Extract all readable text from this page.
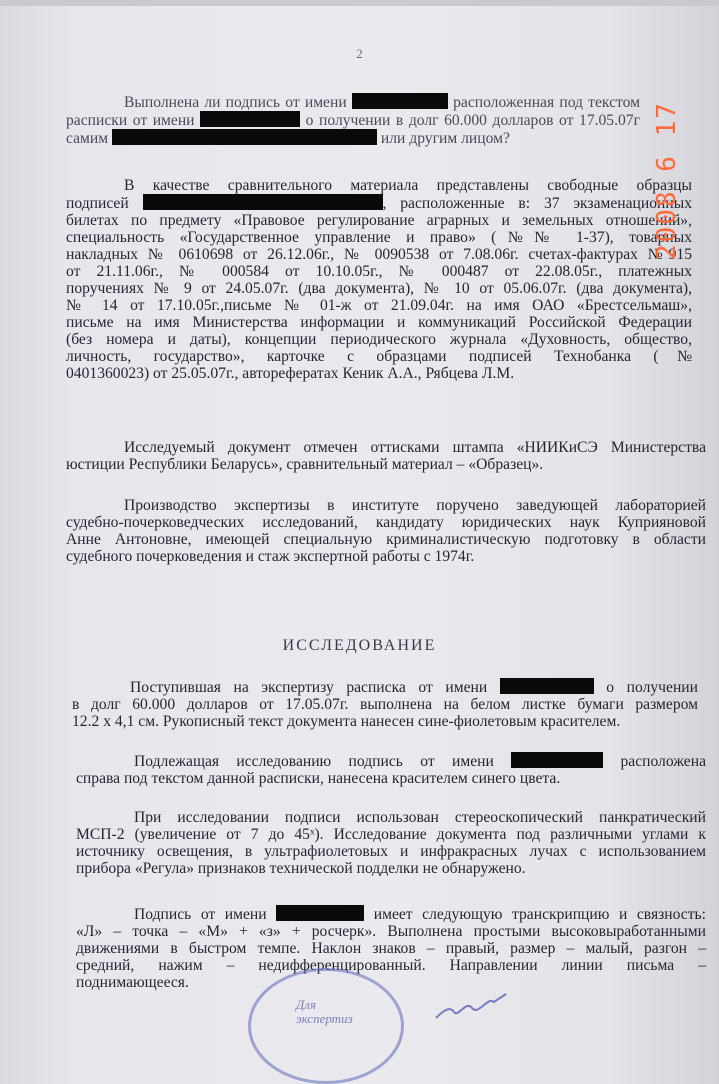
2
Выполнена ли подпись от имени	расположенная под текстом
расписки от имени	о получении в долг 60.000 долларов от 17.05.07г
самим	или другим лицом?
В качестве сравнительного материала представлены свободные образцы
подписей	, расположенные в: 37 экзаменационных
билетах по предмету «Правовое регулирование аграрных и земельных отношений»,
специальность «Государственное управление и право» (№№ 1-37), товарных
накладных № 0610698 от 26.12.06г., № 0090538 от 7.08.06г. счетах-фактурах №915
от 21.11.06г., № 000584 от 10.10.05г., № 000487 от 22.08.05г., платежных
поручениях № 9 от 24.05.07г. (два документа), № 10 от 05.06.07г. (два документа),
№ 14 от 17.10.05г.,письме № 01-ж от 21.09.04г. на имя ОАО «Брестсельмаш»,
письме на имя Министерства информации и коммуникаций Российской Федерации
(без номера и даты), концепции периодического журнала «Духовность, общество,
личность, государство», карточке с образцами подписей Технобанка (№
0401360023) от 25.05.07г., авторефератах Кеник А.А., Рябцева Л.М.
Исследуемый документ отмечен оттисками штампа «НИИКиСЭ Министерства
юстиции Республики Беларусь», сравнительный материал – «Образец».
Производство экспертизы в институте поручено заведующей лабораторией
судебно-почерковедческих исследований, кандидату юридических наук Куприяновой
Анне Антоновне, имеющей специальную криминалистическую подготовку в области
судебного почерковедения и стаж экспертной работы с 1974г.
ИССЛЕДОВАНИЕ
Поступившая на экспертизу расписка от имени	о получении
в долг 60.000 долларов от 17.05.07г. выполнена на белом листке бумаги размером
12.2 х 4,1 см. Рукописный текст документа нанесен сине-фиолетовым красителем.
Подлежащая исследованию подпись от имени	расположена
справа под текстом данной расписки, нанесена красителем синего цвета.
При исследовании подписи использован стереоскопический панкратический
МСП-2 (увеличение от 7 до 45ˣ). Исследование документа под различными углами к
источнику освещения, в ультрафиолетовых и инфракрасных лучах с использованием
прибора «Регула» признаков технической подделки не обнаружено.
Подпись от имени	имеет следующую транскрипцию и связность:
«Л» – точка – «М» + «з» + росчерк». Выполнена простыми высоковыработанными
движениями в быстром темпе. Наклон знаков – правый, размер – малый, разгон –
средний, нажим – недифференцированный. Направлении линии письма –
поднимающееся.
2008 6 17
Для
экспертиз
